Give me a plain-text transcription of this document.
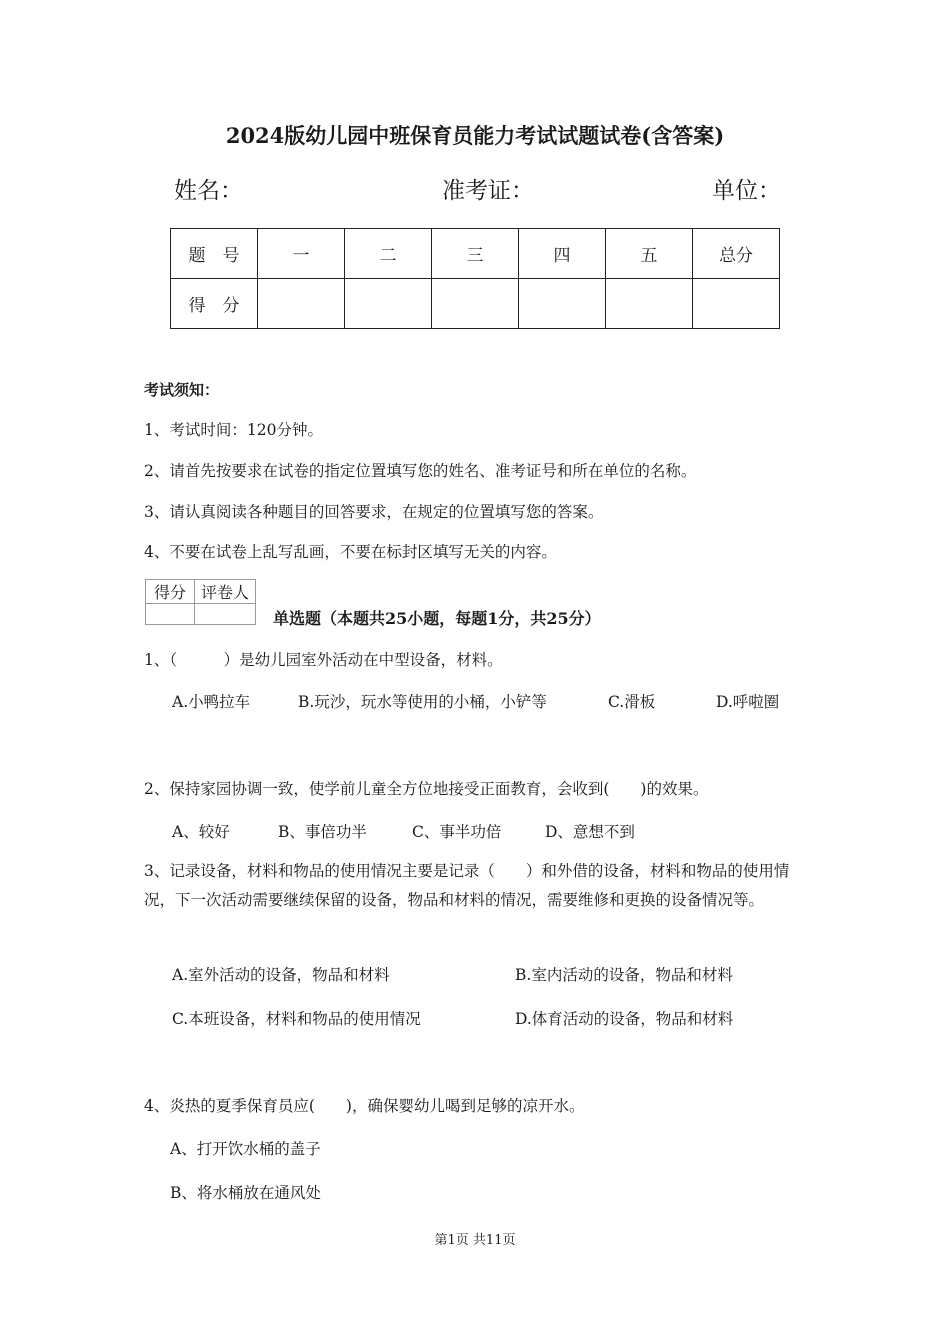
2024版幼儿园中班保育员能力考试试题试卷(含答案)
姓名：	准考证：	单位：
题　号	一	二	三	四	五	总分
得　分						
考试须知：
1、考试时间：120分钟。
2、请首先按要求在试卷的指定位置填写您的姓名、准考证号和所在单位的名称。
3、请认真阅读各种题目的回答要求，在规定的位置填写您的答案。
4、不要在试卷上乱写乱画，不要在标封区填写无关的内容。
得分	评卷人

单选题（本题共25小题，每题1分，共25分）
1、（　　　）是幼儿园室外活动在中型设备，材料。
A.小鸭拉车	B.玩沙，玩水等使用的小桶，小铲等	C.滑板	D.呼啦圈
2、保持家园协调一致，使学前儿童全方位地接受正面教育，会收到(　　)的效果。
A、较好	B、事倍功半	C、事半功倍	D、意想不到
3、记录设备，材料和物品的使用情况主要是记录（　　）和外借的设备，材料和物品的使用情况，下一次活动需要继续保留的设备，物品和材料的情况，需要维修和更换的设备情况等。
A.室外活动的设备，物品和材料	B.室内活动的设备，物品和材料
C.本班设备，材料和物品的使用情况	D.体育活动的设备，物品和材料
4、炎热的夏季保育员应(　　)，确保婴幼儿喝到足够的凉开水。
A、打开饮水桶的盖子
B、将水桶放在通风处
第1页 共11页
